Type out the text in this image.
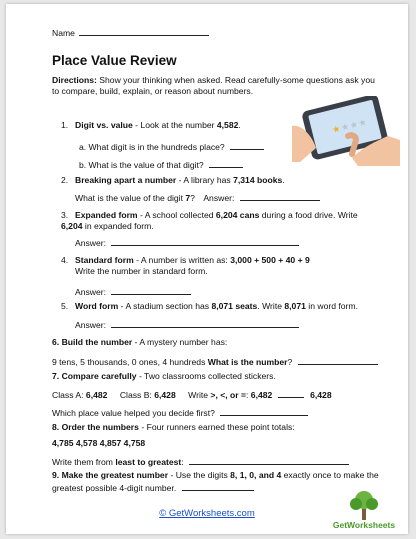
Name
Place Value Review
Directions: Show your thinking when asked. Read carefully-some questions ask you to compare, build, explain, or reason about numbers.
★
★
★
★
1. Digit vs. value - Look at the number 4,582.
a. What digit is in the hundreds place?
b. What is the value of that digit?
2. Breaking apart a number - A library has 7,314 books.
What is the value of the digit 7? Answer:
3. Expanded form - A school collected 6,204 cans during a food drive. Write 6,204 in expanded form.
Answer:
4. Standard form - A number is written as: 3,000 + 500 + 40 + 9
Write the number in standard form.
Answer:
5. Word form - A stadium section has 8,071 seats. Write 8,071 in word form.
Answer:
6. Build the number - A mystery number has:
9 tens, 5 thousands, 0 ones, 4 hundreds What is the number?
7. Compare carefully - Two classrooms collected stickers.
Class A: 6,482 Class B: 6,428 Write >, <, or =: 6,482	6,428
Which place value helped you decide first?
8. Order the numbers - Four runners earned these point totals:
4,785 4,578 4,857 4,758
Write them from least to greatest:
9. Make the greatest number - Use the digits 8, 1, 0, and 4 exactly once to make the greatest possible 4-digit number.
© GetWorksheets.com
GetWorksheets
